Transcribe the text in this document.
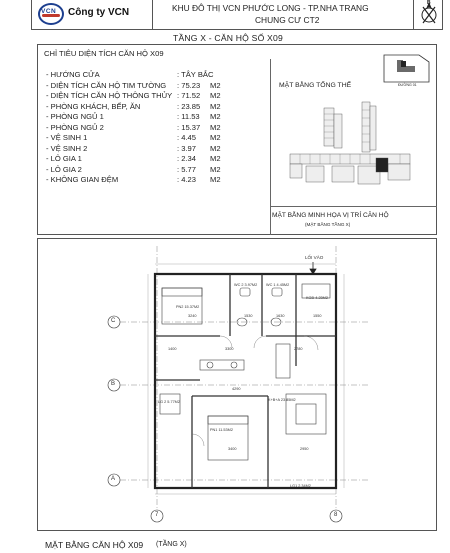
VCN Công ty VCN	KHU ĐÔ THỊ VCN PHƯỚC LONG - TP.NHA TRANG
CHUNG CƯ CT2
B
TẦNG X - CĂN HỘ SỐ X09
CHỈ TIÊU DIỆN TÍCH CĂN HỘ X09
ĐƯỜNG 01
MẶT BẰNG TỔNG THỂ
MẶT BẰNG MINH HỌA VỊ TRÍ CĂN HỘ
(MẶT BẰNG TẦNG X)
- HƯỚNG CỬA	: TÂY BẮC
- DIỆN TÍCH CĂN HỘ TIM TƯỜNG : 75.23 M2
- DIỆN TÍCH CĂN HỘ THÔNG THỦY : 71.52 M2
- PHÒNG KHÁCH, BẾP, ĂN	: 23.85 M2
- PHÒNG NGỦ 1	: 11.53 M2
- PHÒNG NGỦ 2	: 15.37 M2
- VỆ SINH 1	: 4.45 M2
- VỆ SINH 2	: 3.97 M2
- LÔ GIA 1	: 2.34 M2
- LÔ GIA 2	: 5.77 M2
- KHÔNG GIAN ĐỆM	: 4.23 M2
LỐI VÀO
C
B
A
7	8
PN2 15.37M2
WC 2 3.97M2 WC 1 4.45M2
KGĐ 4.23M2
LG 2 5.77M2	K+B+A 23.85M2
PN1 11.53M2
LG1 2.34M2
3240	1530	1630	1550
1400	3300	2780
4290
3400	2950
MẶT BẰNG CĂN HỘ X09 (TẦNG X)
